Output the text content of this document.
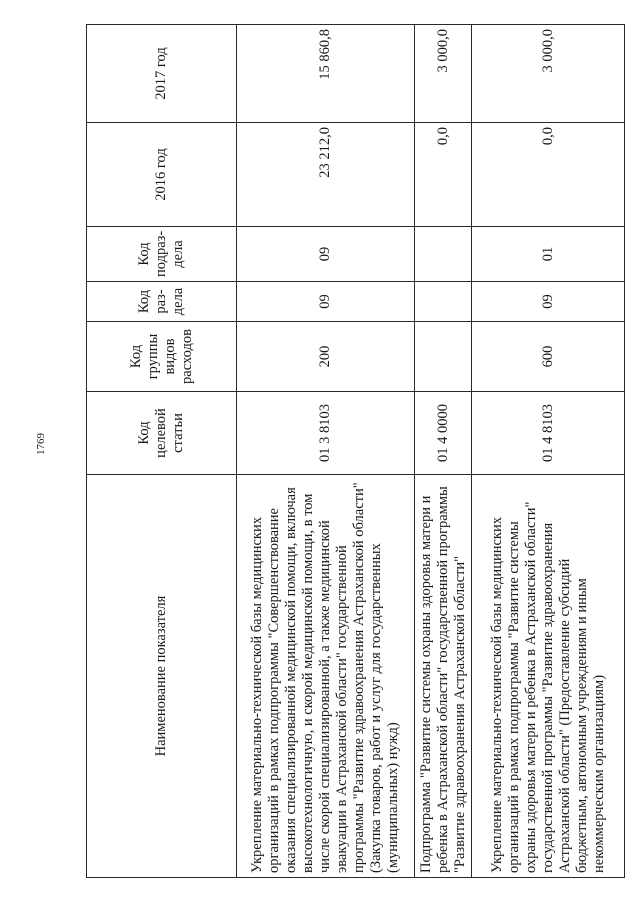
1769
Наименование показателя	Код целевой статьи	Код группы видов расходов	Код раз-дела	Код подраз-дела	2016 год	2017 год
Укрепление материально-технической базы медицинских организаций в рамках подпрограммы "Совершенствование оказания специализированной медицинской помощи, включая высокотехнологичную, и скорой медицинской помощи, в том числе скорой специализированной, а также медицинской эвакуации в Астраханской области" государственной программы "Развитие здравоохранения Астраханской области" (Закупка товаров, работ и услуг для государственных (муниципальных) нужд)	01 3 8103	200	09	09	23 212,0	15 860,8
Подпрограмма "Развитие системы охраны здоровья матери и ребенка в Астраханской области" государственной программы "Развитие здравоохранения Астраханской области"	01 4 0000				0,0	3 000,0
Укрепление материально-технической базы медицинских организаций в рамках подпрограммы "Развитие системы охраны здоровья матери и ребенка в Астраханской области" государственной программы "Развитие здравоохранения Астраханской области" (Предоставление субсидий бюджетным, автономным учреждениям и иным некоммерческим организациям)	01 4 8103	600	09	01	0,0	3 000,0
